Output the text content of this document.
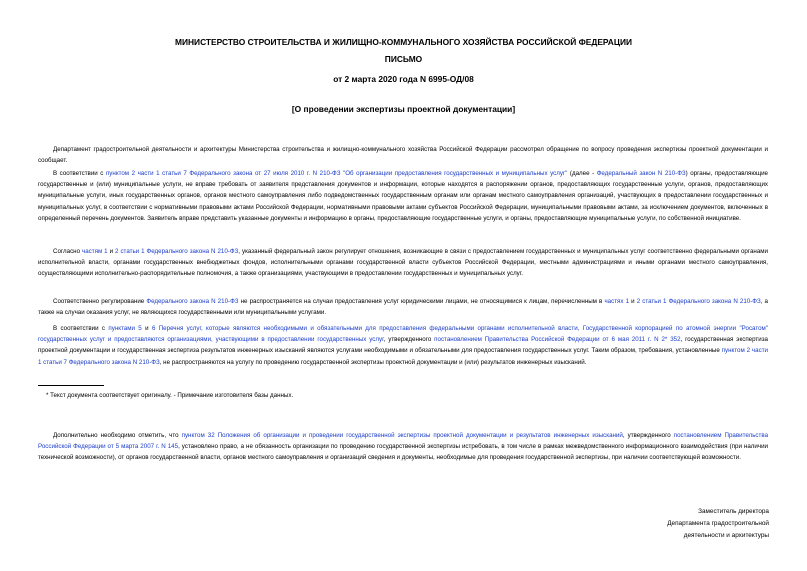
МИНИСТЕРСТВО СТРОИТЕЛЬСТВА И ЖИЛИЩНО-КОММУНАЛЬНОГО ХОЗЯЙСТВА РОССИЙСКОЙ ФЕДЕРАЦИИ
ПИСЬМО
от 2 марта 2020 года N 6995-ОД/08
[О проведении экспертизы проектной документации]

Департамент градостроительной деятельности и архитектуры Министерства строительства и жилищно-коммунального хозяйства Российской Федерации рассмотрел обращение по вопросу проведения экспертизы проектной документации и сообщает.

В соответствии с пунктом 2 части 1 статьи 7 Федерального закона от 27 июля 2010 г. N 210-ФЗ "Об организации предоставления государственных и муниципальных услуг" (далее - Федеральный закон N 210-ФЗ) органы, предоставляющие государственные и (или) муниципальные услуги, не вправе требовать от заявителя представления документов и информации, которые находятся в распоряжении органов, предоставляющих государственные услуги, органов, предоставляющих муниципальные услуги, иных государственных органов, органов местного самоуправления либо подведомственных государственным органам или органам местного самоуправления организаций, участвующих в предоставлении государственных и муниципальных услуг, в соответствии с нормативными правовыми актами Российской Федерации, нормативными правовыми актами субъектов Российской Федерации, муниципальными правовыми актами, за исключением документов, включенных в определенный перечень документов. Заявитель вправе представить указанные документы и информацию в органы, предоставляющие государственные услуги, и органы, предоставляющие муниципальные услуги, по собственной инициативе.

Согласно частям 1 и 2 статьи 1 Федерального закона N 210-ФЗ, указанный федеральный закон регулирует отношения, возникающие в связи с предоставлением государственных и муниципальных услуг соответственно федеральными органами исполнительной власти, органами государственных внебюджетных фондов, исполнительными органами государственной власти субъектов Российской Федерации, местными администрациями и иными органами местного самоуправления, осуществляющими исполнительно-распорядительные полномочия, а также организациями, участвующими в предоставлении государственных и муниципальных услуг.

Соответственно регулирование Федерального закона N 210-ФЗ не распространяется на случаи предоставления услуг юридическими лицами, не относящимися к лицам, перечисленным в частях 1 и 2 статьи 1 Федерального закона N 210-ФЗ, а также на случаи оказания услуг, не являющихся государственными или муниципальными услугами.

В соответствии с пунктами 5 и 6 Перечня услуг, которые являются необходимыми и обязательными для предоставления федеральными органами исполнительной власти, Государственной корпорацией по атомной энергии "Росатом" государственных услуг и предоставляются организациями, участвующими в предоставлении государственных услуг, утвержденного постановлением Правительства Российской Федерации от 6 мая 2011 г. N 2* 352, государственная экспертиза проектной документации и государственная экспертиза результатов инженерных изысканий являются услугами необходимыми и обязательными для предоставления государственных услуг. Таким образом, требования, установленные пунктом 2 части 1 статьи 7 Федерального закона N 210-ФЗ, не распространяются на услугу по проведению государственной экспертизы проектной документации и (или) результатов инженерных изысканий.

* Текст документа соответствует оригиналу. - Примечание изготовителя базы данных.

Дополнительно необходимо отметить, что пунктом 32 Положения об организации и проведении государственной экспертизы проектной документации и результатов инженерных изысканий, утвержденного постановлением Правительства Российской Федерации от 5 марта 2007 г. N 145, установлено право, а не обязанность организации по проведению государственной экспертизы истребовать, в том числе в рамках межведомственного информационного взаимодействия (при наличии технической возможности), от органов государственной власти, органов местного самоуправления и организаций сведения и документы, необходимые для проведения государственной экспертизы, при наличии соответствующей возможности.

Заместитель директора
Департамента градостроительной
деятельности и архитектуры
